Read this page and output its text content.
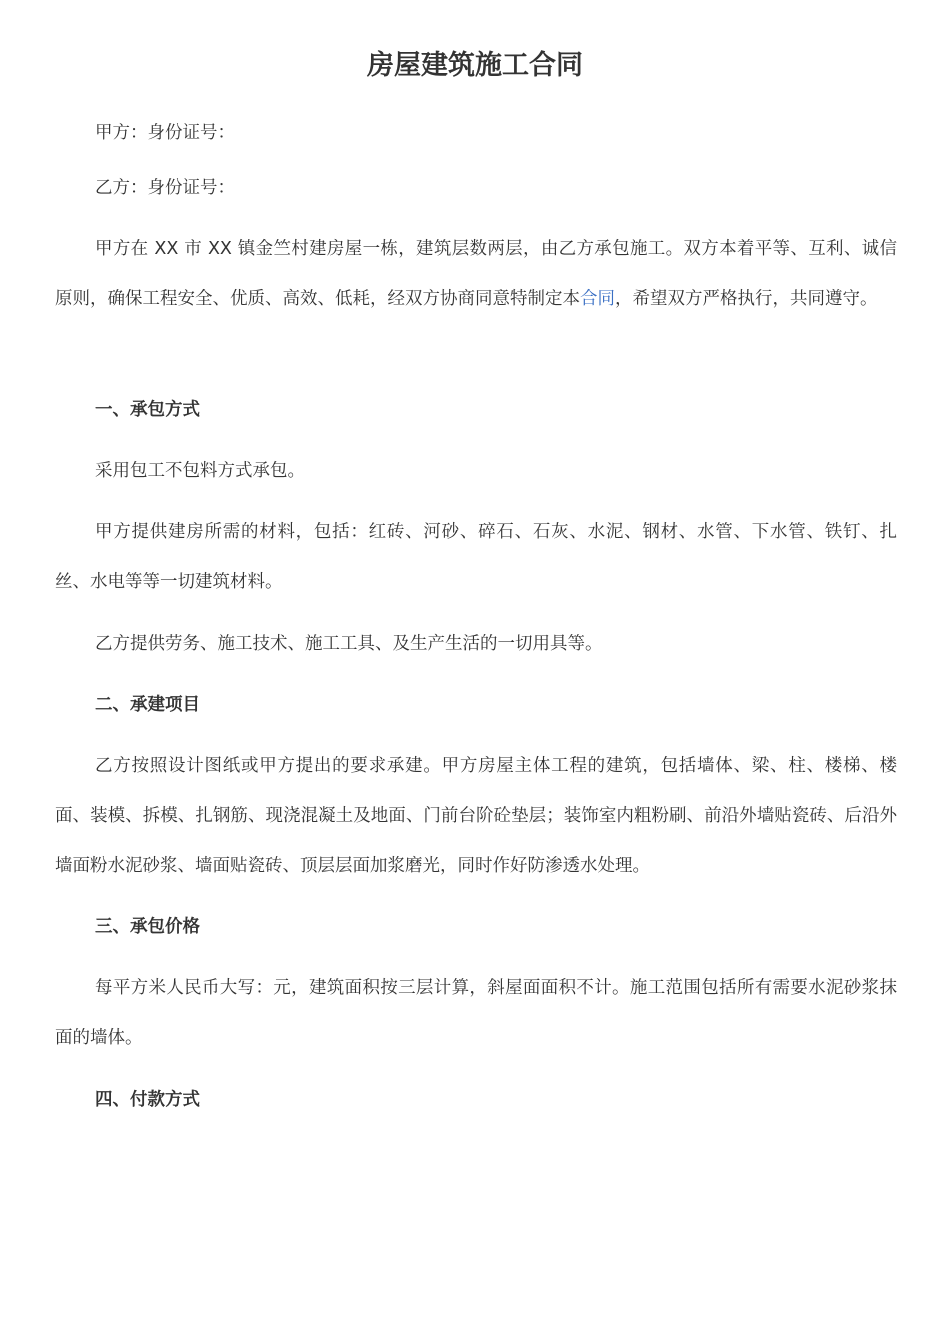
房屋建筑施工合同

甲方：身份证号：

乙方：身份证号：

甲方在 XX 市 XX 镇金竺村建房屋一栋，建筑层数两层，由乙方承包施工。双方本着平等、互利、诚信原则，确保工程安全、优质、高效、低耗，经双方协商同意特制定本合同，希望双方严格执行，共同遵守。

一、承包方式

采用包工不包料方式承包。

甲方提供建房所需的材料，包括：红砖、河砂、碎石、石灰、水泥、钢材、水管、下水管、铁钉、扎丝、水电等等一切建筑材料。

乙方提供劳务、施工技术、施工工具、及生产生活的一切用具等。

二、承建项目

乙方按照设计图纸或甲方提出的要求承建。甲方房屋主体工程的建筑，包括墙体、梁、柱、楼梯、楼面、装模、拆模、扎钢筋、现浇混凝土及地面、门前台阶砼垫层；装饰室内粗粉刷、前沿外墙贴瓷砖、后沿外墙面粉水泥砂浆、墙面贴瓷砖、顶层层面加浆磨光，同时作好防渗透水处理。

三、承包价格

每平方米人民币大写：元，建筑面积按三层计算，斜屋面面积不计。施工范围包括所有需要水泥砂浆抹面的墙体。

四、付款方式
